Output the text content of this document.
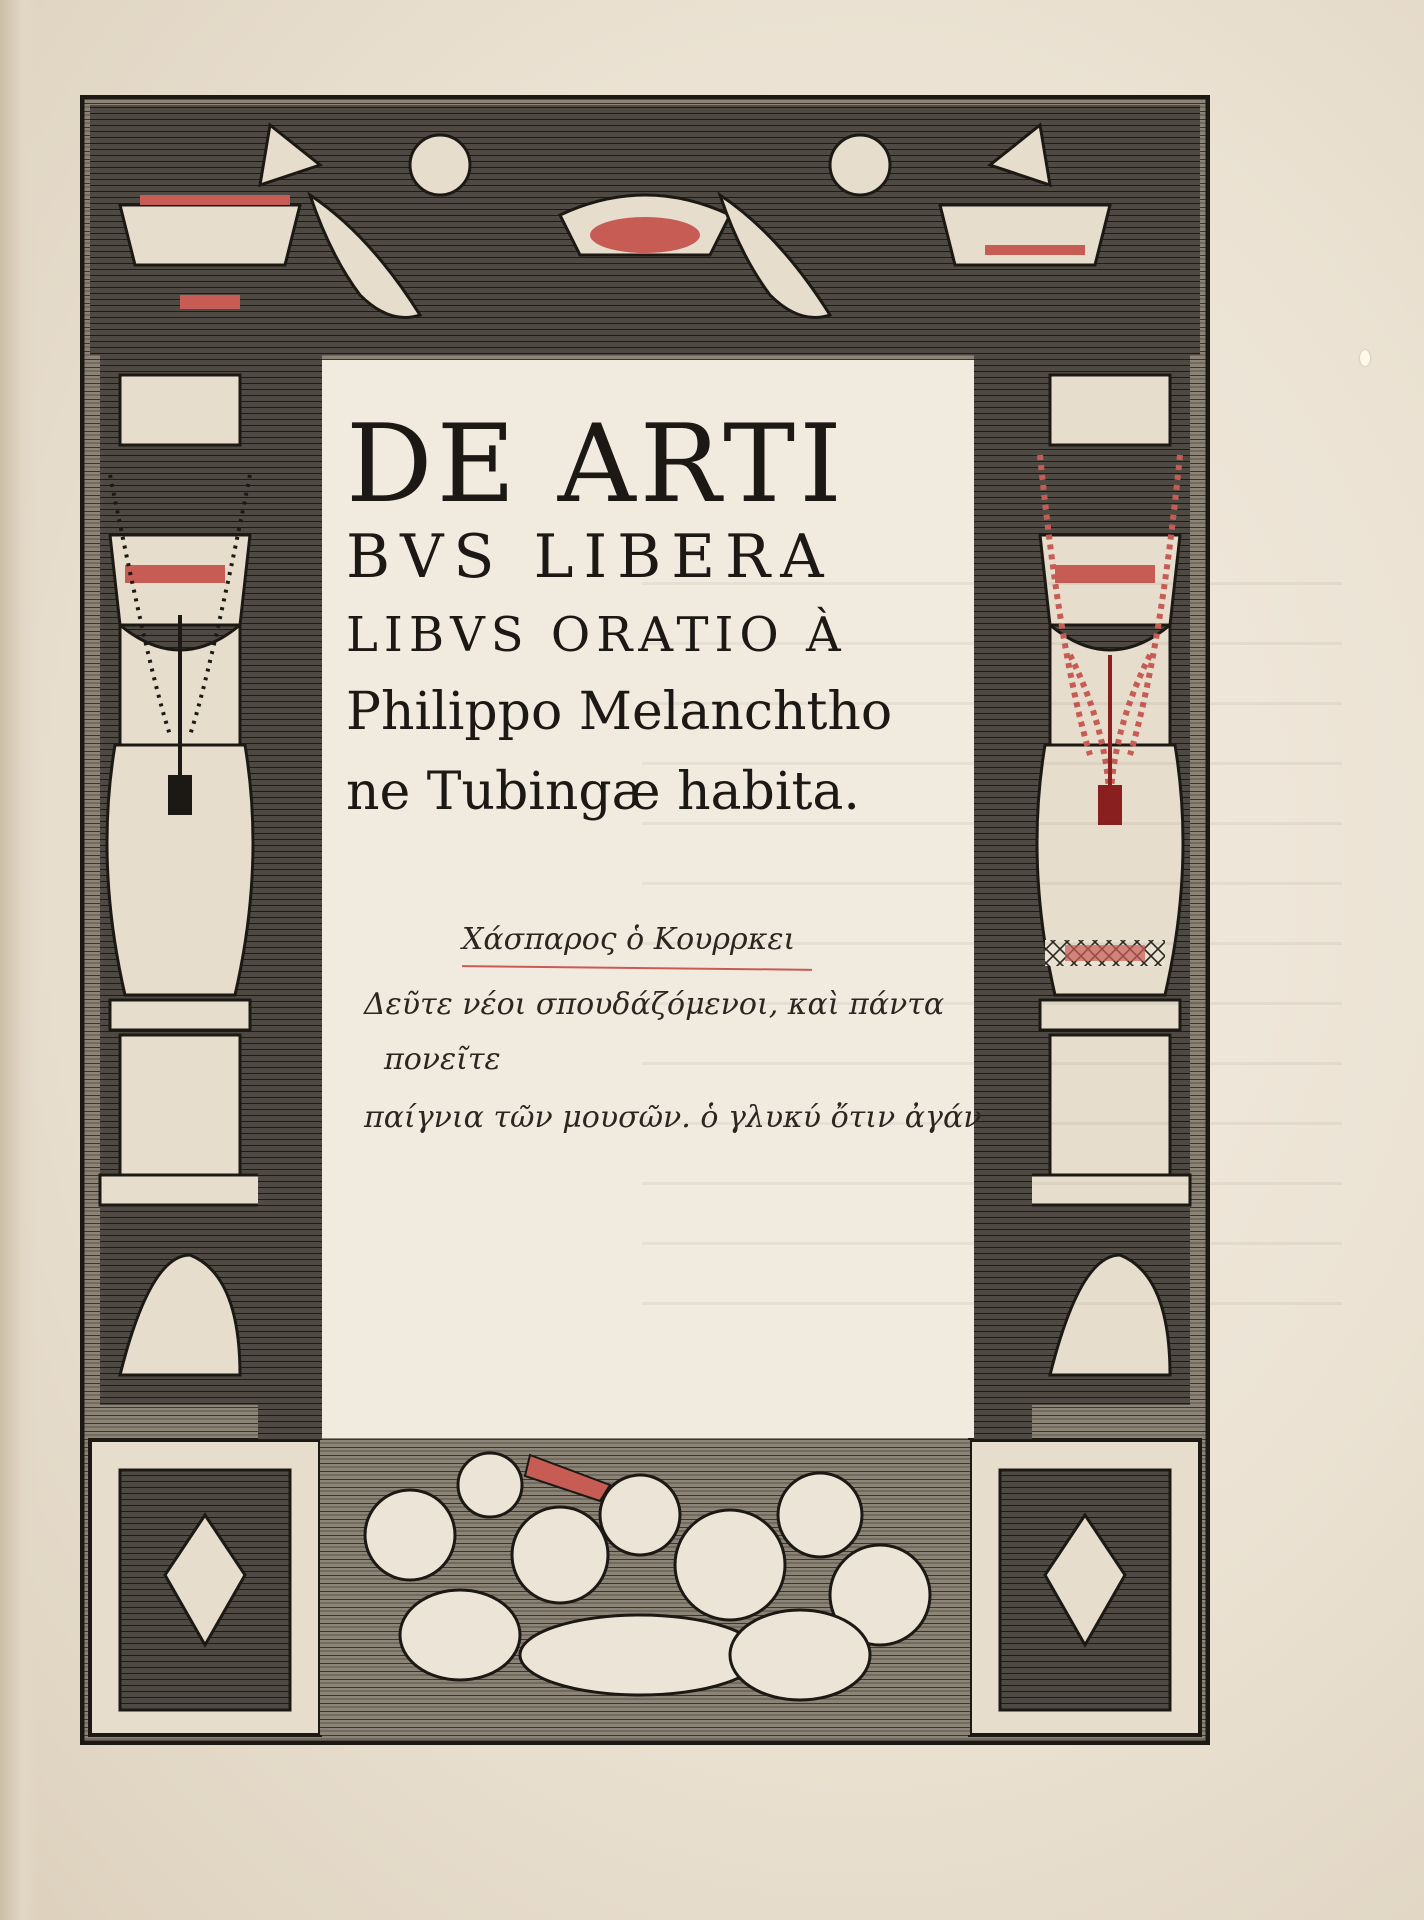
DE ARTI
BVS LIBERA
LIBVS ORATIO À
Philippo Melanchtho
ne Tubingæ habita.
Χάσπαρος ὁ Κουρρκει
Δεῦτε νέοι σπουδάζόμενοι, καὶ πάντα
πονεῖτε
παίγνια τῶν μουσῶν. ὁ γλυκύ ὄτιν ἀγάν
